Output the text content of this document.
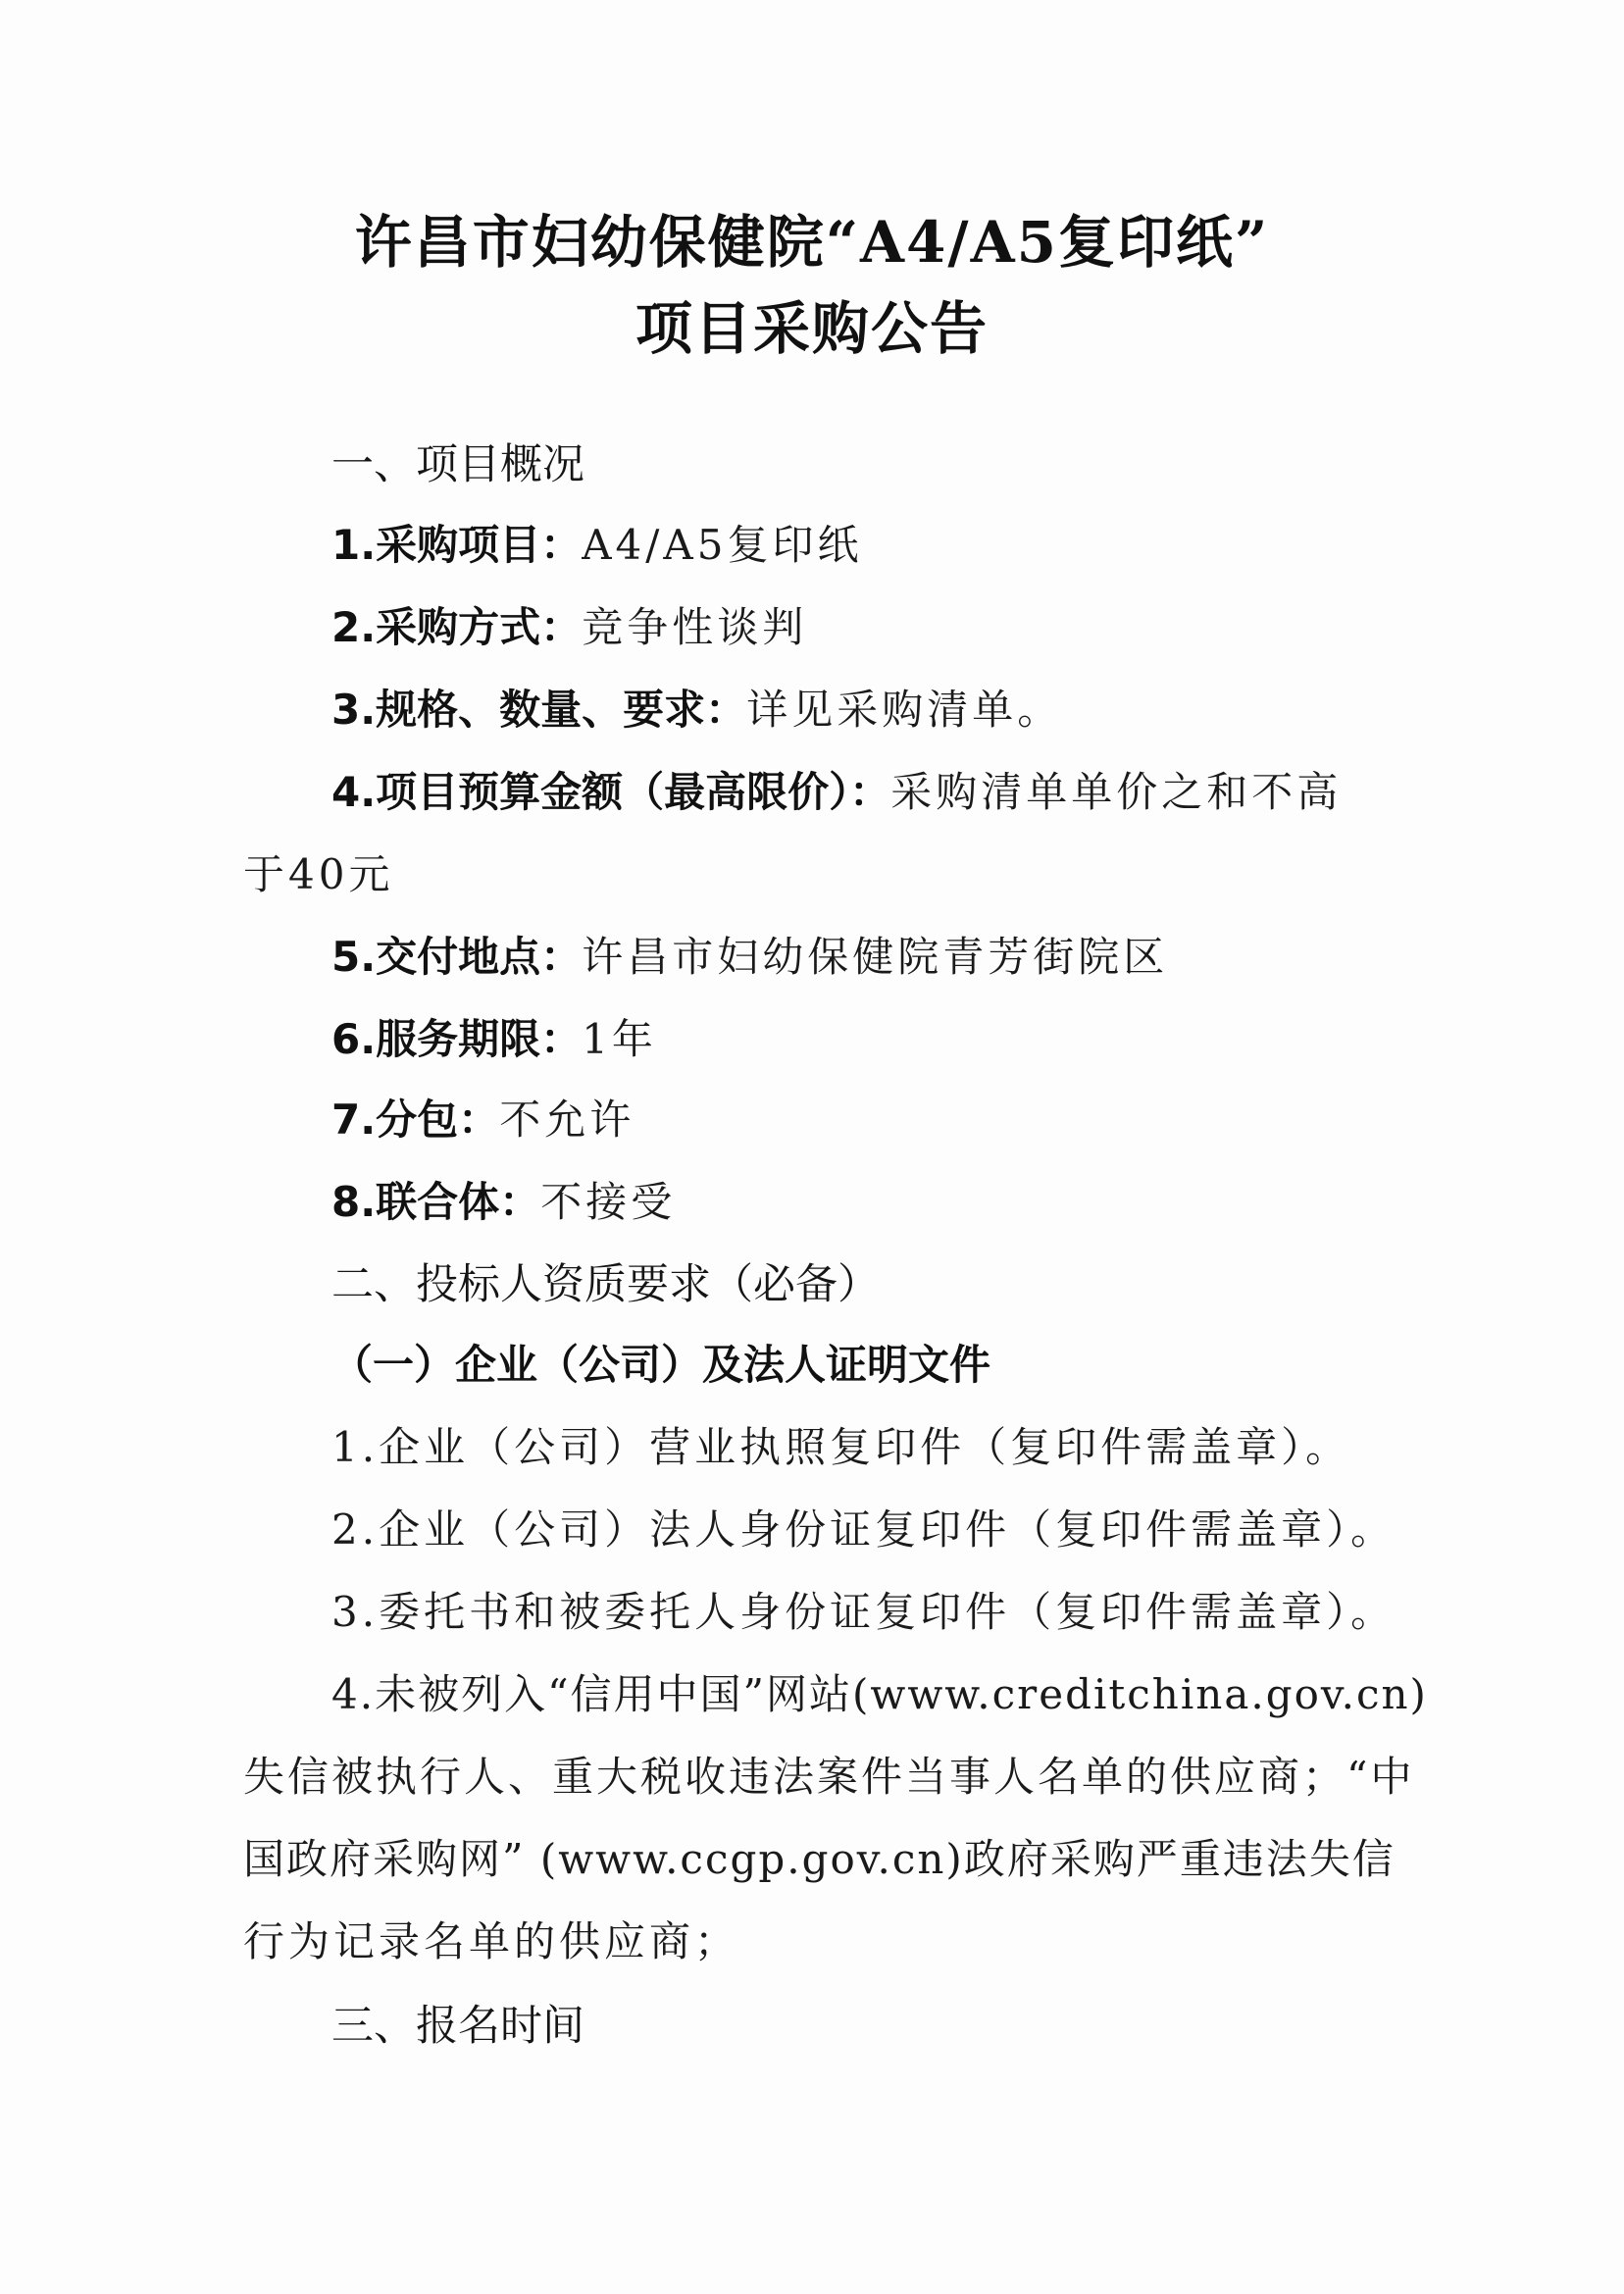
许昌市妇幼保健院“A4/A5复印纸”
项目采购公告
一、项目概况
1.采购项目：A4/A5复印纸
2.采购方式：竞争性谈判
3.规格、数量、要求：详见采购清单。
4.项目预算金额（最高限价）：采购清单单价之和不高
于40元
5.交付地点：许昌市妇幼保健院青芳街院区
6.服务期限：1年
7.分包：不允许
8.联合体：不接受
二、投标人资质要求（必备）
（一）企业（公司）及法人证明文件
1.企业（公司）营业执照复印件（复印件需盖章）。
2.企业（公司）法人身份证复印件（复印件需盖章）。
3.委托书和被委托人身份证复印件（复印件需盖章）。
4.未被列入“信用中国”网站(www.creditchina.gov.cn)
失信被执行人、重大税收违法案件当事人名单的供应商；“中
国政府采购网” (www.ccgp.gov.cn)政府采购严重违法失信
行为记录名单的供应商；
三、报名时间
